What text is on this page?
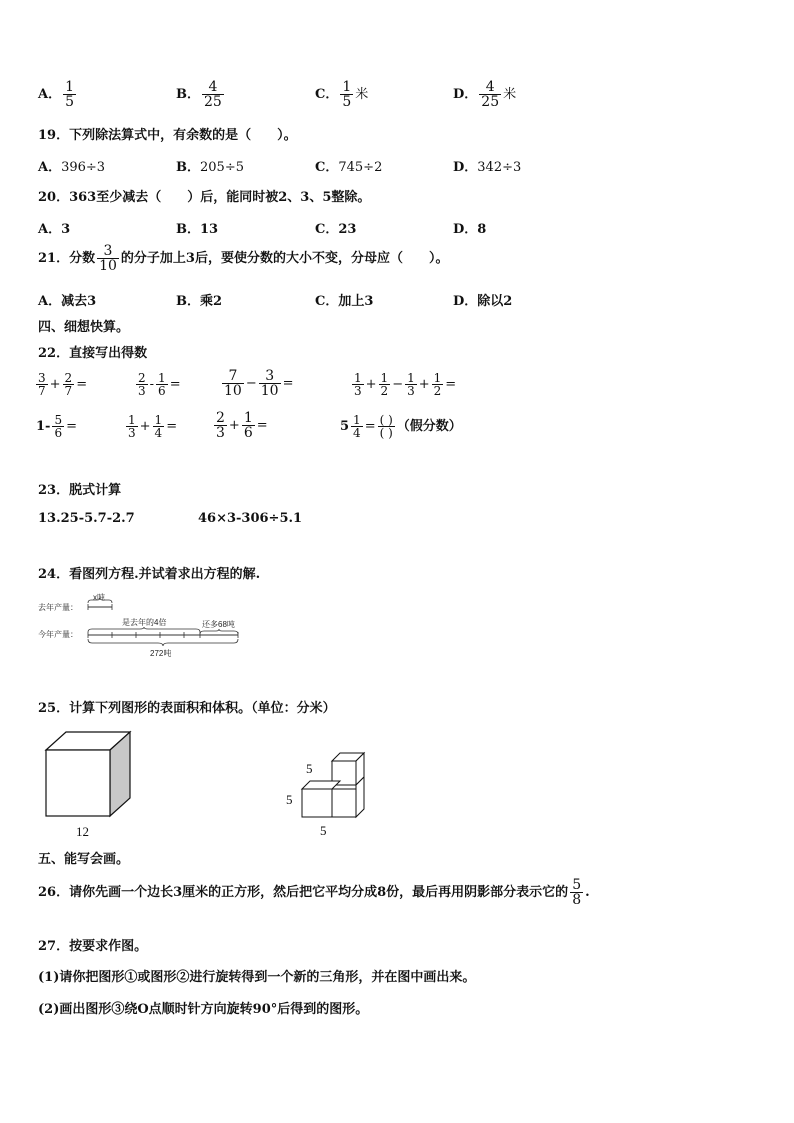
A． $\frac{1}{5}$	B． $\frac{4}{25}$	C． $\frac{1}{5}$ 米	D． $\frac{4}{25}$ 米
19．下列除法算式中，有余数的是（　　）。
A．396÷3	B．205÷5	C．745÷2	D．342÷3
20．363至少减去（　　）后，能同时被2、3、5整除。
A．3	B．13	C．23	D．8
21．分数 $\frac{3}{10}$ 的分子加上3后，要使分数的大小不变，分母应（　　）。
A．减去3	B．乘2	C．加上3	D．除以2
四、细想快算。
22．直接写出得数
$\frac{3}{7} + \frac{2}{7}$ =	$\frac{2}{3} - \frac{1}{6}$ =	$\frac{7}{10} - \frac{3}{10}$ =	$\frac{1}{3} + \frac{1}{2} - \frac{1}{3} + \frac{1}{2}$ =
$1- \frac{5}{6}$ =	$\frac{1}{3} + \frac{1}{4}$ =	$\frac{2}{3} + \frac{1}{6}$ =	$5 \frac{1}{4} = \frac{( )}{( )}$ （假分数）
23．脱式计算
13.25-5.7-2.7	46×3-306÷5.1
24．看图列方程.并试着求出方程的解.
去年产量：
x吨
今年产量：
是去年的4倍	还多68吨
272吨
25．计算下列图形的表面积和体积。（单位：分米）
12
5
5
5
五、能写会画。
26．请你先画一个边长3厘米的正方形，然后把它平均分成8份，最后再用阴影部分表示它的 $\frac{5}{8}$ .
27．按要求作图。
(1)请你把图形①或图形②进行旋转得到一个新的三角形，并在图中画出来。
(2)画出图形③绕O点顺时针方向旋转90°后得到的图形。
